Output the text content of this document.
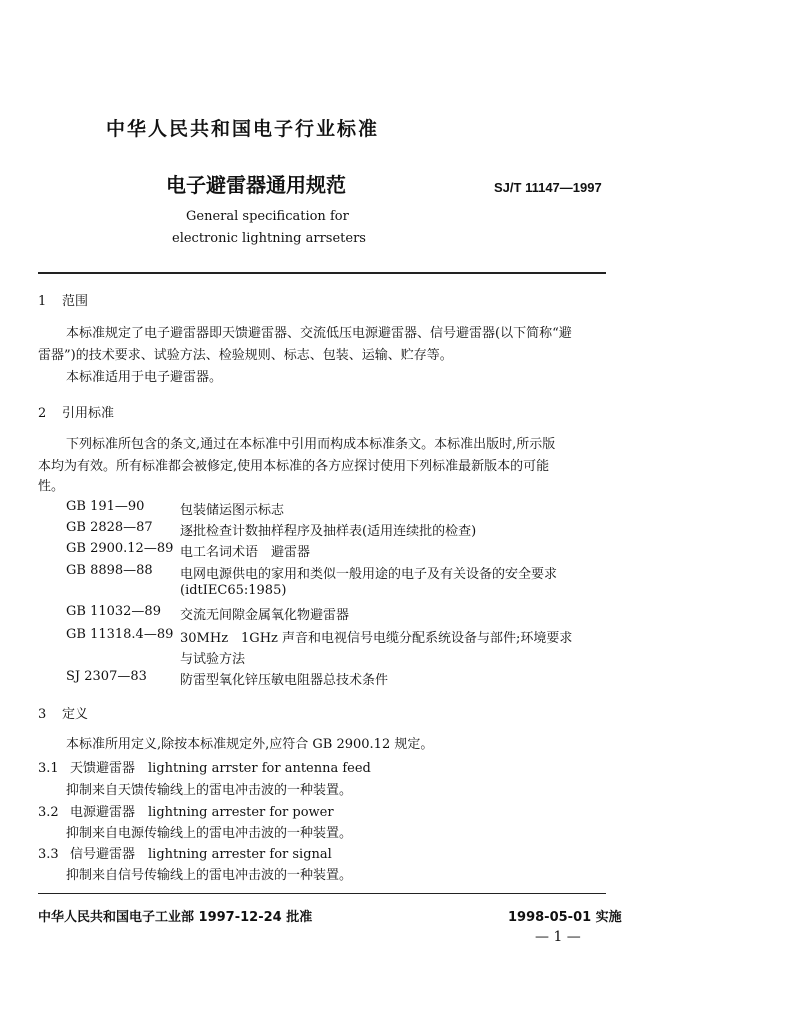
中华人民共和国电子行业标准
电子避雷器通用规范	SJ/T 11147—1997
General specification for
electronic lightning arrseters
1 范围
本标准规定了电子避雷器即天馈避雷器、交流低压电源避雷器、信号避雷器(以下简称“避
雷器”)的技术要求、试验方法、检验规则、标志、包装、运输、贮存等。
本标准适用于电子避雷器。
2 引用标准
下列标准所包含的条文,通过在本标准中引用而构成本标准条文。本标准出版时,所示版
本均为有效。所有标准都会被修定,使用本标准的各方应探讨使用下列标准最新版本的可能
性。
GB 191—90	包装储运图示标志
GB 2828—87 逐批检查计数抽样程序及抽样表(适用连续批的检查)
GB 2900.12—89 电工名词术语　避雷器
GB 8898—88 电网电源供电的家用和类似一般用途的电子及有关设备的安全要求
(idtIEC65:1985)
GB 11032—89 交流无间隙金属氧化物避雷器
GB 11318.4—89 30MHz　1GHz 声音和电视信号电缆分配系统设备与部件;环境要求
与试验方法
SJ 2307—83	防雷型氧化锌压敏电阻器总技术条件
3 定义
本标准所用定义,除按本标准规定外,应符合 GB 2900.12 规定。
3.1 天馈避雷器　lightning arrster for antenna feed
抑制来自天馈传输线上的雷电冲击波的一种装置。
3.2 电源避雷器　lightning arrester for power
抑制来自电源传输线上的雷电冲击波的一种装置。
3.3 信号避雷器　lightning arrester for signal
抑制来自信号传输线上的雷电冲击波的一种装置。
中华人民共和国电子工业部 1997-12-24 批准	1998-05-01 实施
— 1 —
